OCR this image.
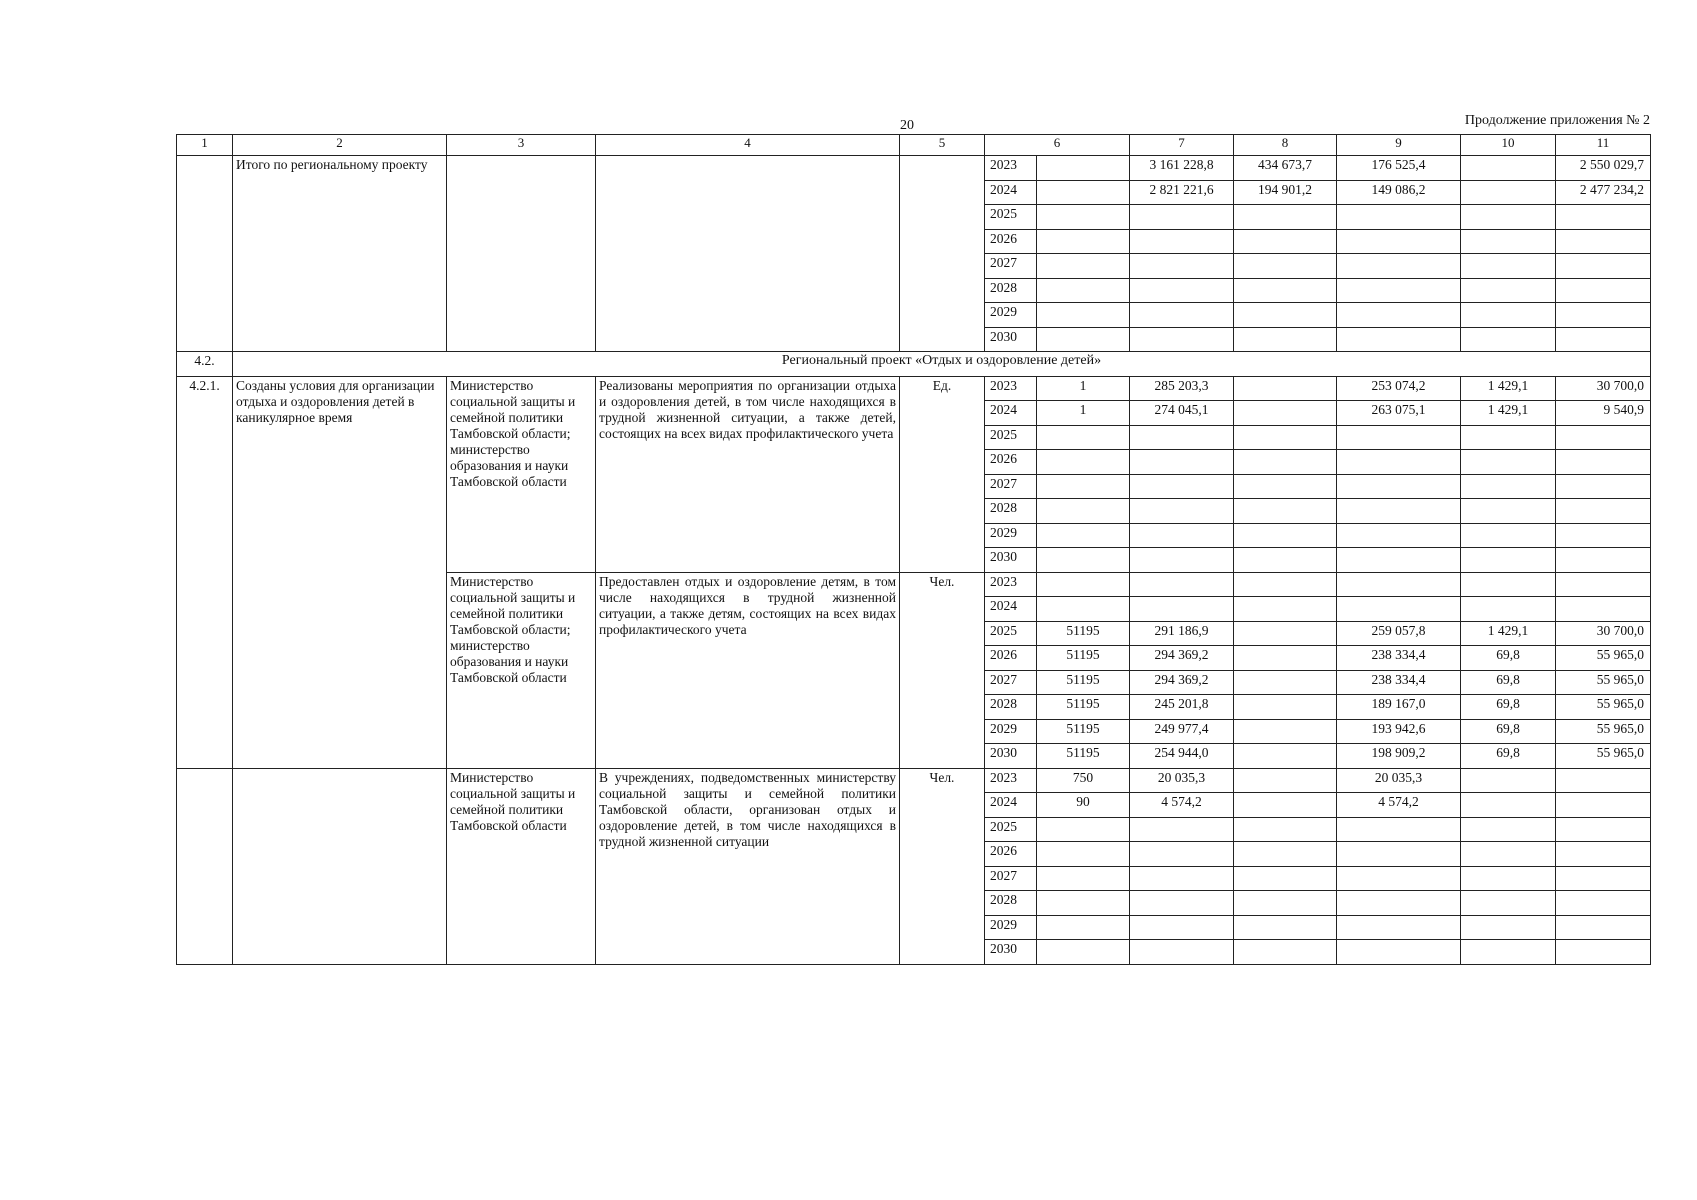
20	Продолжение приложения № 2
1	2	3	4	5	6		7	8	9	10	11
	Итого по региональному проекту				2023		3 161 228,8	434 673,7	176 525,4		2 550 029,7
					2024		2 821 221,6	194 901,2	149 086,2		2 477 234,2
					2025						
					2026						
					2027						
					2028						
					2029						
					2030						
4.2.	Региональный проект «Отдых и оздоровление детей»										
4.2.1.	Созданы условия для организации отдыха и оздоровления детей в каникулярное время	Министерство социальной защиты и семейной политики Тамбовской области; министерство образования и науки Тамбовской области	Реализованы мероприятия по организации отдыха и оздоровления детей, в том числе находящихся в трудной жизненной ситуации, а также детей, состоящих на всех видах профилактического учета	Ед.	2023	1	285 203,3		253 074,2	1 429,1	30 700,0
					2024	1	274 045,1		263 075,1	1 429,1	9 540,9
					2025						
					2026						
					2027						
					2028						
					2029						
					2030						
		Министерство социальной защиты и семейной политики Тамбовской области; министерство образования и науки Тамбовской области	Предоставлен отдых и оздоровление детям, в том числе находящихся в трудной жизненной ситуации, а также детям, состоящих на всех видах профилактического учета	Чел.	2023						
					2024						
					2025	51195	291 186,9		259 057,8	1 429,1	30 700,0
					2026	51195	294 369,2		238 334,4	69,8	55 965,0
					2027	51195	294 369,2		238 334,4	69,8	55 965,0
					2028	51195	245 201,8		189 167,0	69,8	55 965,0
					2029	51195	249 977,4		193 942,6	69,8	55 965,0
					2030	51195	254 944,0		198 909,2	69,8	55 965,0
		Министерство социальной защиты и семейной политики Тамбовской области	В учреждениях, подведомственных министерству социальной защиты и семейной политики Тамбовской области, организован отдых и оздоровление детей, в том числе находящихся в трудной жизненной ситуации	Чел.	2023	750	20 035,3		20 035,3		
					2024	90	4 574,2		4 574,2		
					2025						
					2026						
					2027						
					2028						
					2029						
					2030						
